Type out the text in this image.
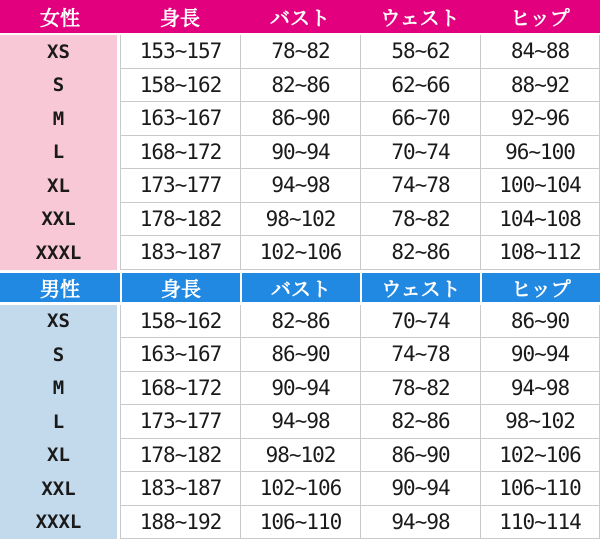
女性	身長	バスト	ウェスト	ヒップ
XS	153∼157	78∼82	58∼62	84∼88
S	158∼162	82∼86	62∼66	88∼92
M	163∼167	86∼90	66∼70	92∼96
L	168∼172	90∼94	70∼74	96∼100
XL	173∼177	94∼98	74∼78	100∼104
XXL	178∼182	98∼102	78∼82	104∼108
XXXL	183∼187	102∼106	82∼86	108∼112
男性	身長	バスト	ウェスト	ヒップ
XS	158∼162	82∼86	70∼74	86∼90
S	163∼167	86∼90	74∼78	90∼94
M	168∼172	90∼94	78∼82	94∼98
L	173∼177	94∼98	82∼86	98∼102
XL	178∼182	98∼102	86∼90	102∼106
XXL	183∼187	102∼106	90∼94	106∼110
XXXL	188∼192	106∼110	94∼98	110∼114
